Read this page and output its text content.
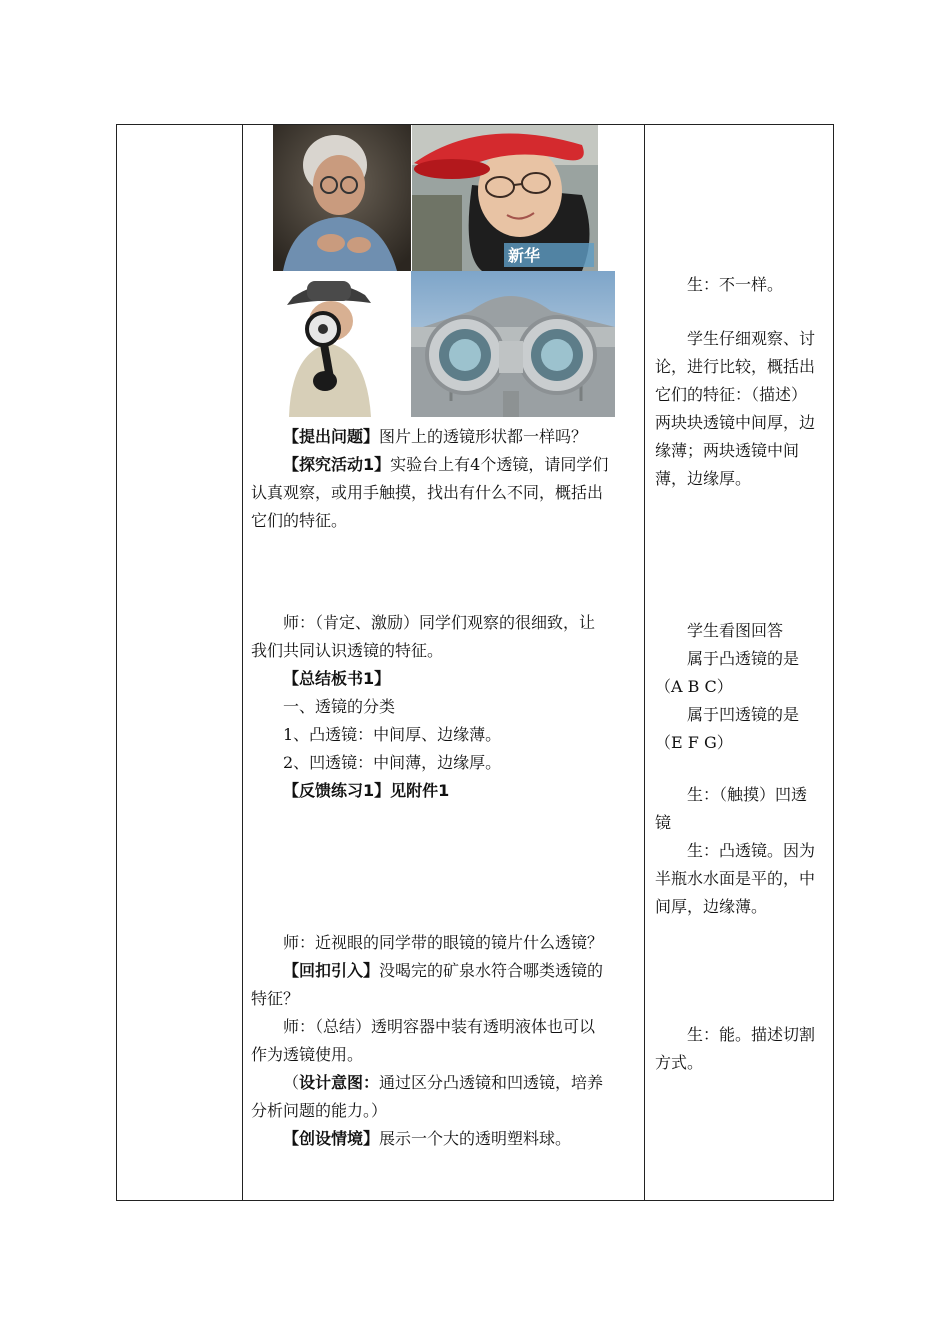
新华
【提出问题】图片上的透镜形状都一样吗？
【探究活动1】实验台上有4个透镜，请同学们
认真观察，或用手触摸，找出有什么不同，概括出
它们的特征。
师：（肯定、激励）同学们观察的很细致，让
我们共同认识透镜的特征。
【总结板书1】
一、透镜的分类
1、凸透镜：中间厚、边缘薄。
2、凹透镜：中间薄，边缘厚。
【反馈练习1】见附件1
师：近视眼的同学带的眼镜的镜片什么透镜？
【回扣引入】没喝完的矿泉水符合哪类透镜的
特征？
师：（总结）透明容器中装有透明液体也可以
作为透镜使用。
（设计意图：通过区分凸透镜和凹透镜，培养
分析问题的能力。）
【创设情境】展示一个大的透明塑料球。
生：不一样。
学生仔细观察、讨
论，进行比较，概括出
它们的特征：（描述）
两块块透镜中间厚，边
缘薄；两块透镜中间
薄，边缘厚。
学生看图回答
属于凸透镜的是
（A B C）
属于凹透镜的是
（E F G）
生：（触摸）凹透
镜
生：凸透镜。因为
半瓶水水面是平的，中
间厚，边缘薄。
生：能。描述切割
方式。
